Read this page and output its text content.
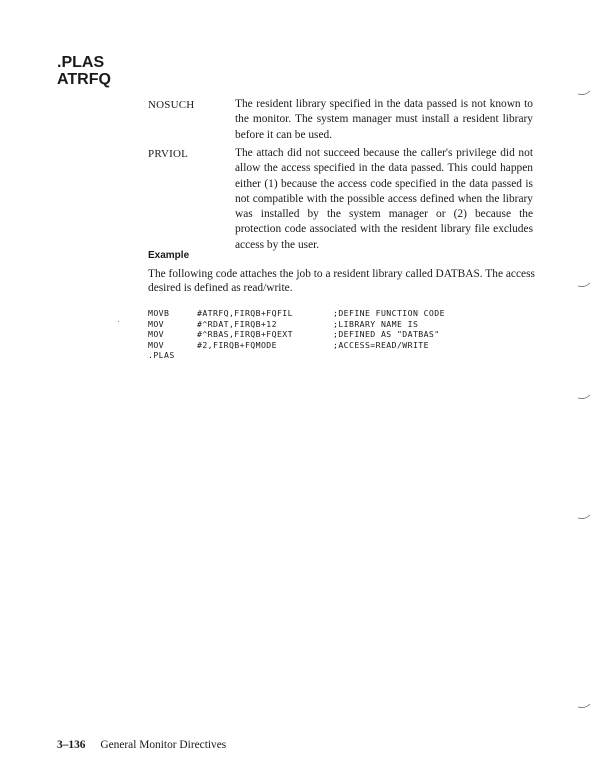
.PLAS
ATRFQ
NOSUCH	The resident library specified in the data passed is not known to the monitor. The system manager must install a resident library before it can be used.
PRVIOL	The attach did not succeed because the caller's privilege did not allow the access specified in the data passed. This could happen either (1) because the access code specified in the data passed is not compatible with the possible access defined when the library was installed by the system manager or (2) because the protection code associated with the resident library file excludes access by the user.
Example
The following code attaches the job to a resident library called DATBAS. The access desired is defined as read/write.
MOVB	#ATRFQ,FIRQB+FQFIL	;DEFINE FUNCTION CODE
MOV	#^RDAT,FIRQB+12	;LIBRARY NAME IS
MOV	#^RBAS,FIRQB+FQEXT	;DEFINED AS "DATBAS"
MOV	#2,FIRQB+FQMODE	;ACCESS=READ/WRITE
.PLAS
3–136 General Monitor Directives
